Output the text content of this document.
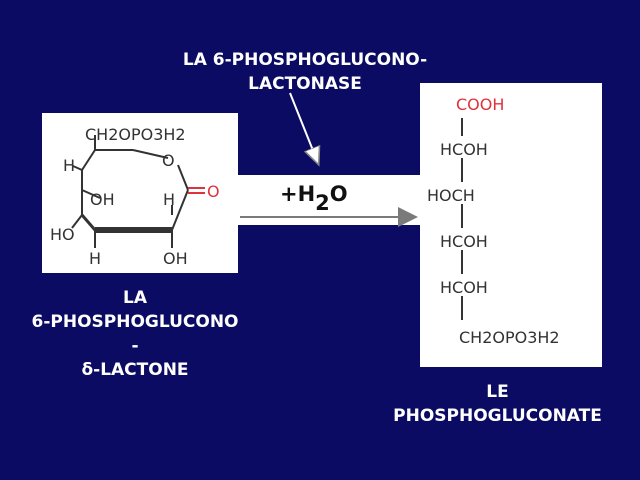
CH2OPO3H2
O
O
H
OH	H
HO
H	OH
+H2O
COOH
HCOH
HOCH
HCOH
HCOH
CH2OPO3H2
LA 6-PHOSPHOGLUCONO-
LACTONASE
LA
6-PHOSPHOGLUCONO
-
δ-LACTONE
LE
PHOSPHOGLUCONATE
